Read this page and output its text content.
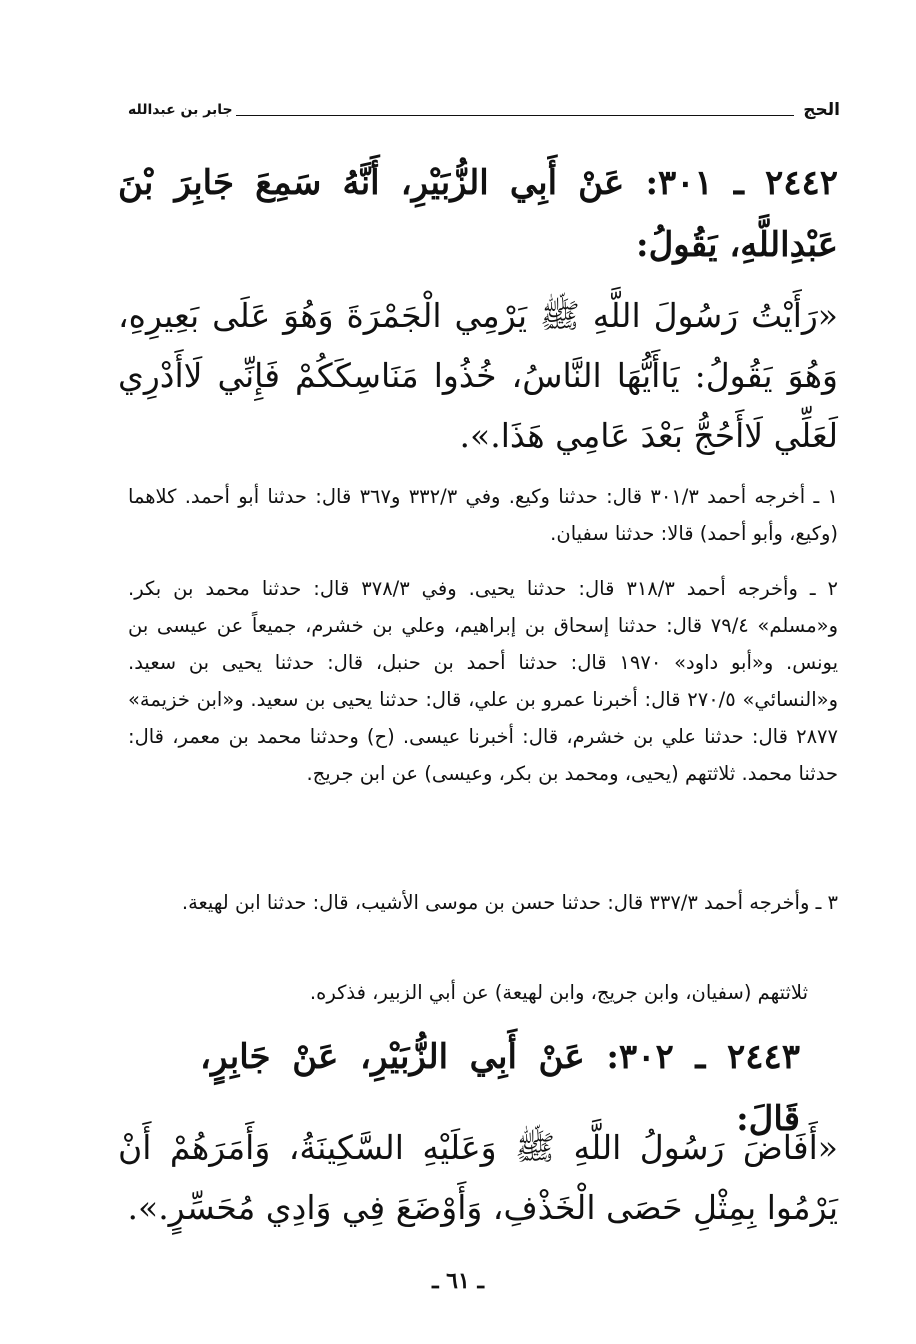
الحج
جابر بن عبدالله
٢٤٤٢ ـ ٣٠١: عَنْ أَبِي الزُّبَيْرِ، أَنَّهُ سَمِعَ جَابِرَ بْنَ عَبْدِاللَّهِ، يَقُولُ:
«رَأَيْتُ رَسُولَ اللَّهِ ﷺ يَرْمِي الْجَمْرَةَ وَهُوَ عَلَى بَعِيرِهِ، وَهُوَ يَقُولُ: يَاأَيُّهَا النَّاسُ، خُذُوا مَنَاسِكَكُمْ فَإِنِّي لَاأَدْرِي لَعَلِّي لَاأَحُجُّ بَعْدَ عَامِي هَذَا.».
١ ـ أخرجه أحمد ٣٠١/٣ قال: حدثنا وكيع. وفي ٣٣٢/٣ و٣٦٧ قال: حدثنا أبو أحمد. كلاهما (وكيع، وأبو أحمد) قالا: حدثنا سفيان.
٢ ـ وأخرجه أحمد ٣١٨/٣ قال: حدثنا يحيى. وفي ٣٧٨/٣ قال: حدثنا محمد بن بكر. و«مسلم» ٧٩/٤ قال: حدثنا إسحاق بن إبراهيم، وعلي بن خشرم، جميعاً عن عيسى بن يونس. و«أبو داود» ١٩٧٠ قال: حدثنا أحمد بن حنبل، قال: حدثنا يحيى بن سعيد. و«النسائي» ٢٧٠/٥ قال: أخبرنا عمرو بن علي، قال: حدثنا يحيى بن سعيد. و«ابن خزيمة» ٢٨٧٧ قال: حدثنا علي بن خشرم، قال: أخبرنا عيسى. (ح) وحدثنا محمد بن معمر، قال: حدثنا محمد. ثلاثتهم (يحيى، ومحمد بن بكر، وعيسى) عن ابن جريج.
٣ ـ وأخرجه أحمد ٣٣٧/٣ قال: حدثنا حسن بن موسى الأشيب، قال: حدثنا ابن لهيعة.
ثلاثتهم (سفيان، وابن جريج، وابن لهيعة) عن أبي الزبير، فذكره.
٢٤٤٣ ـ ٣٠٢: عَنْ أَبِي الزُّبَيْرِ، عَنْ جَابِرٍ، قَالَ:
«أَفَاضَ رَسُولُ اللَّهِ ﷺ وَعَلَيْهِ السَّكِينَةُ، وَأَمَرَهُمْ أَنْ يَرْمُوا بِمِثْلِ حَصَى الْخَذْفِ، وَأَوْضَعَ فِي وَادِي مُحَسِّرٍ.».
ـ ٦١ ـ
